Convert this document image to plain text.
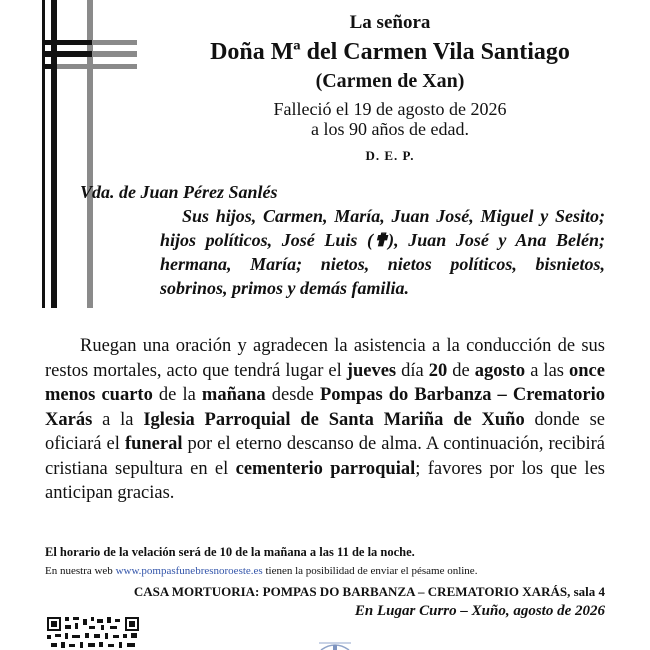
La señora
Doña Mª del Carmen Vila Santiago
(Carmen de Xan)
Falleció el 19 de agosto de 2026
a los 90 años de edad.
D. E. P.
Vda. de Juan Pérez Sanlés
Sus hijos, Carmen, María, Juan José, Miguel y Sesito; hijos políticos, José Luis (✟), Juan José y Ana Belén; hermana, María; nietos, nietos políticos, bisnietos, sobrinos, primos y demás familia.
Ruegan una oración y agradecen la asistencia a la conducción de sus restos mortales, acto que tendrá lugar el jueves día 20 de agosto a las once menos cuarto de la mañana desde Pompas do Barbanza – Crematorio Xarás a la Iglesia Parroquial de Santa Mariña de Xuño donde se oficiará el funeral por el eterno descanso de alma. A continuación, recibirá cristiana sepultura en el cementerio parroquial; favores por los que les anticipan gracias.
El horario de la velación será de 10 de la mañana a las 11 de la noche.
En nuestra web www.pompasfunebresnoroeste.es tienen la posibilidad de enviar el pésame online.
CASA MORTUORIA: POMPAS DO BARBANZA – CREMATORIO XARÁS, sala 4
En Lugar Curro – Xuño, agosto de 2026
